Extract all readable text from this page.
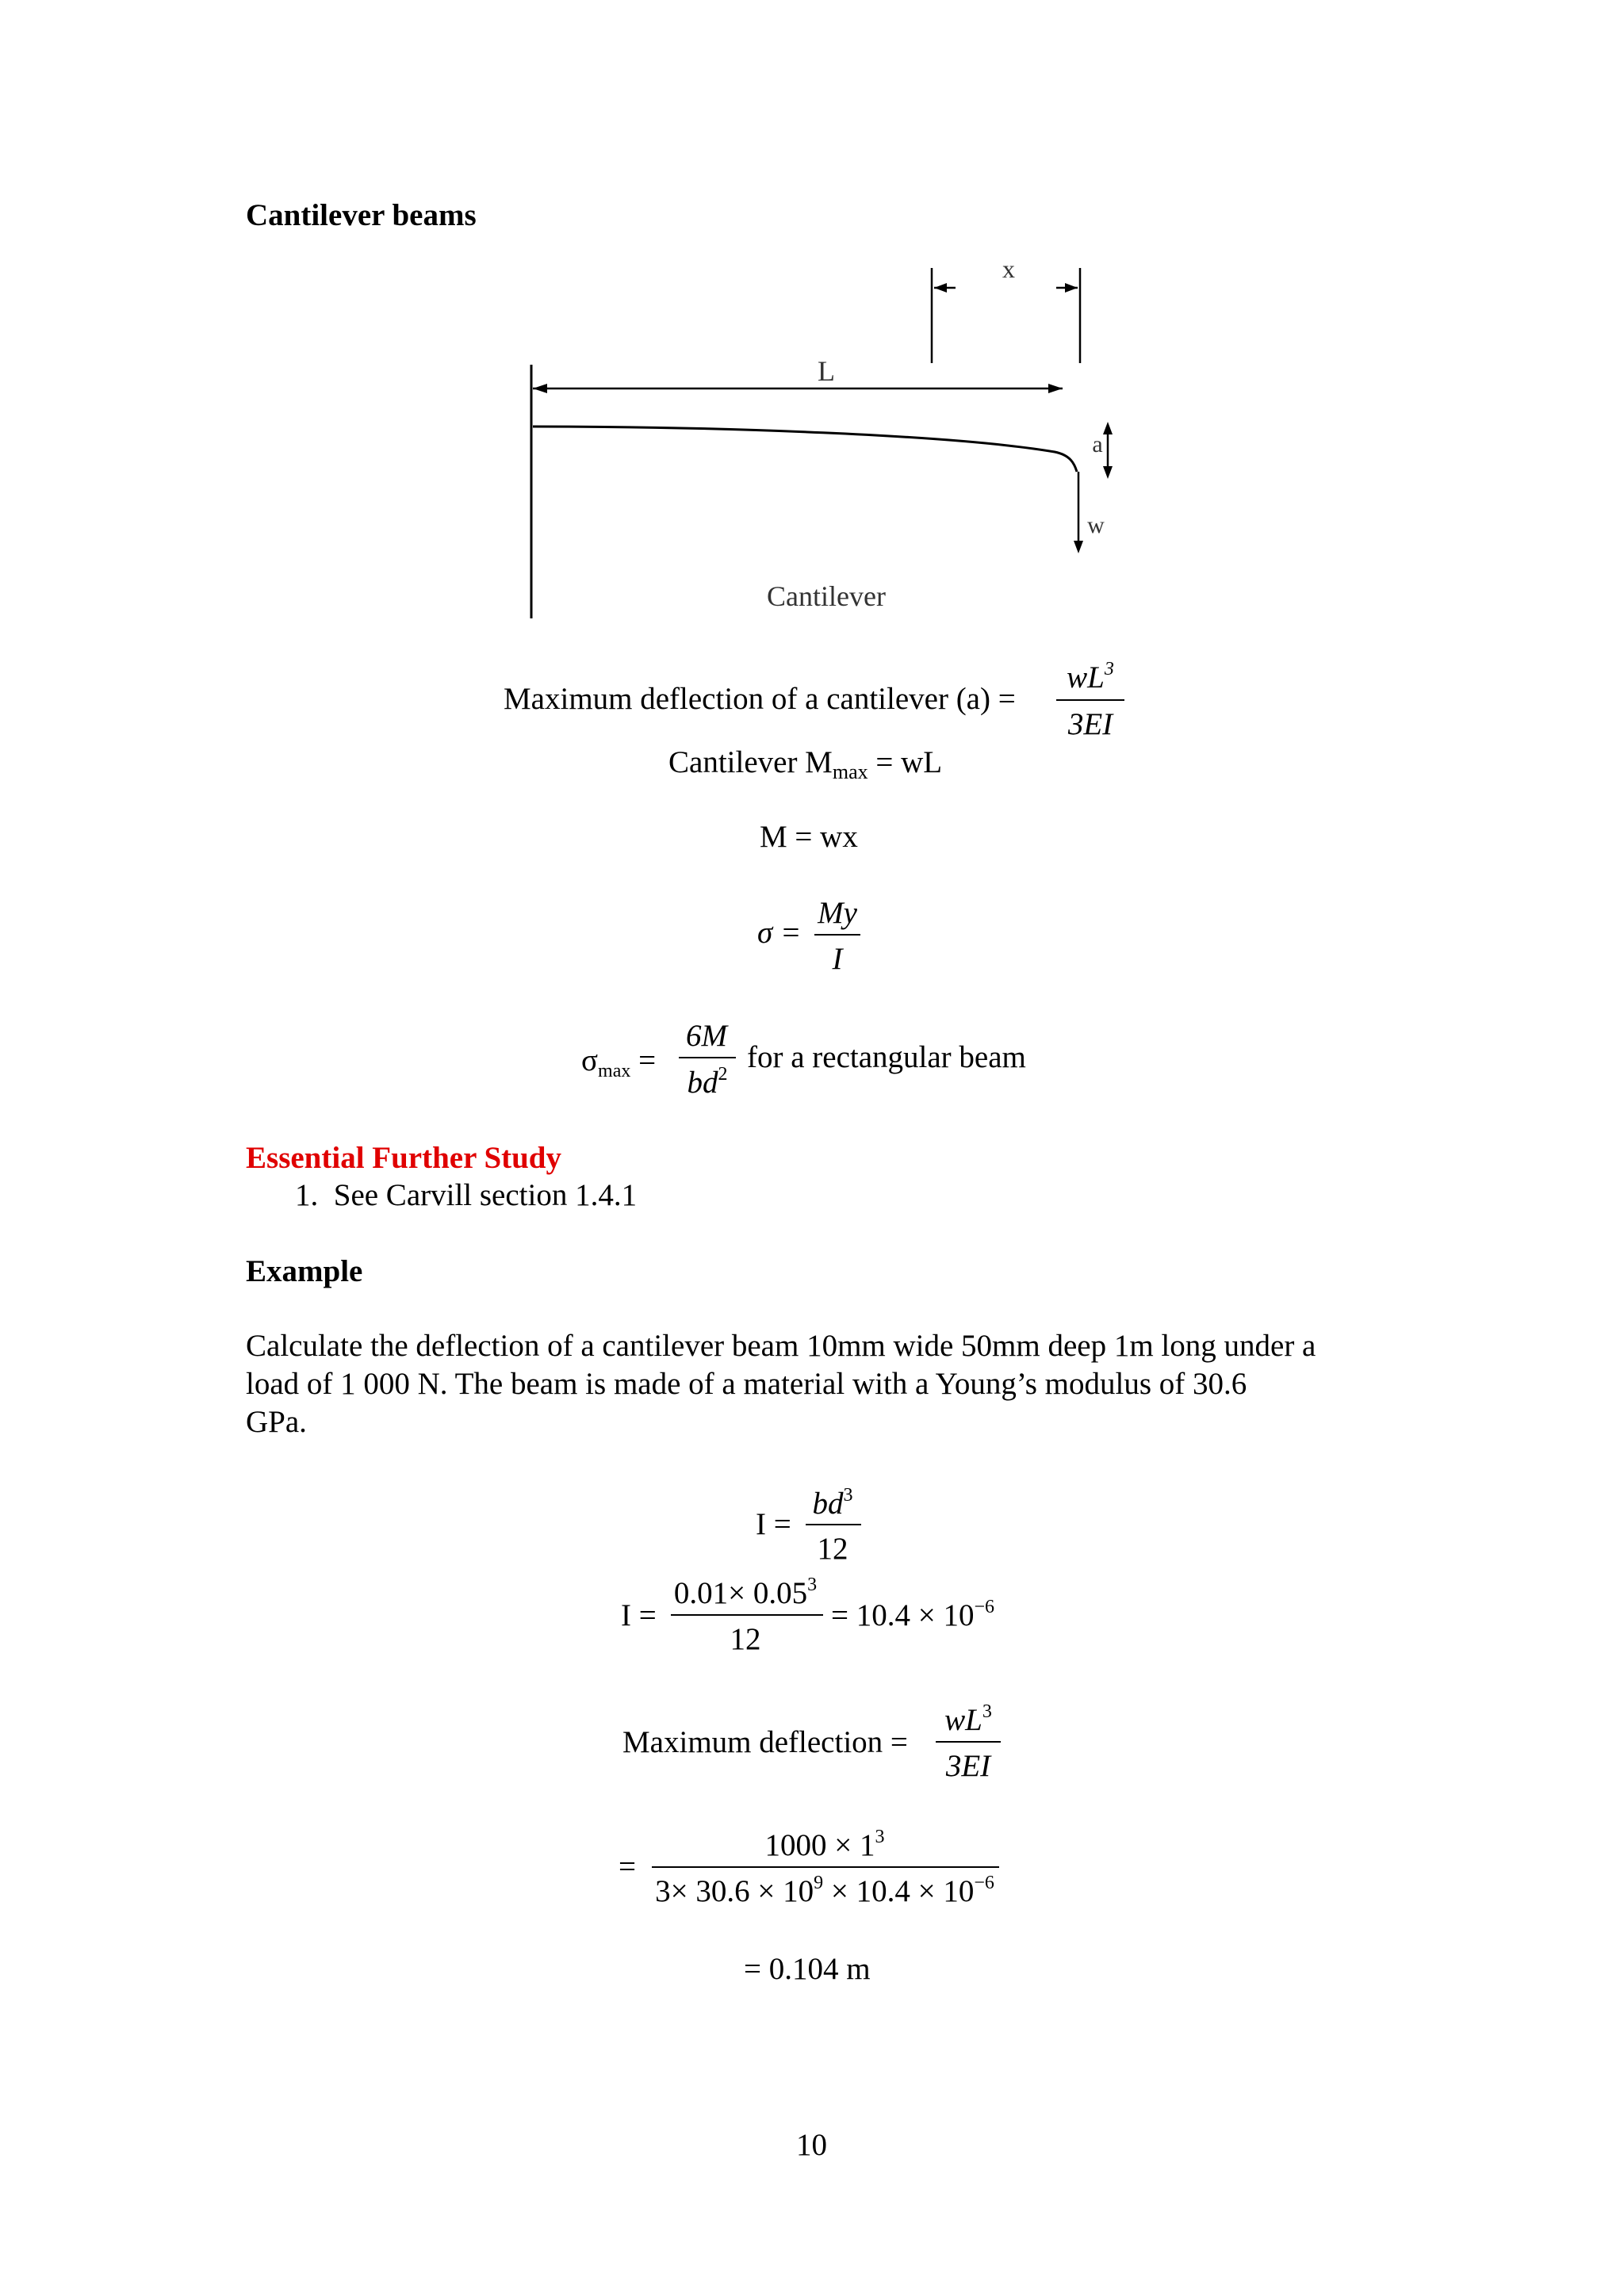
Cantilever beams
L
x
a
w
Cantilever
Maximum deflection of a cantilever (a) =
$wL^3$
3EI
Cantilever $M_{max}$ = wL
M = wx
σ =
My
I
$\sigma_{max}$ =
6M
$bd^2$ for a rectangular beam
Essential Further Study
1.  See Carvill section 1.4.1
Example
Calculate the deflection of a cantilever beam 10mm wide 50mm deep 1m long under a
load of 1 000 N. The beam is made of a material with a Young’s modulus of 30.6
GPa.
I =
$bd^3$
12
I =
$0.01\times 0.05^3$
12
= $10.4 \times 10^{-6}$
Maximum deflection =
$wL^3$
3EI
=
$1000 \times 1^3$
$3\times 30.6 \times 10^9 \times 10.4 \times 10^{-6}$
= 0.104 m
10
